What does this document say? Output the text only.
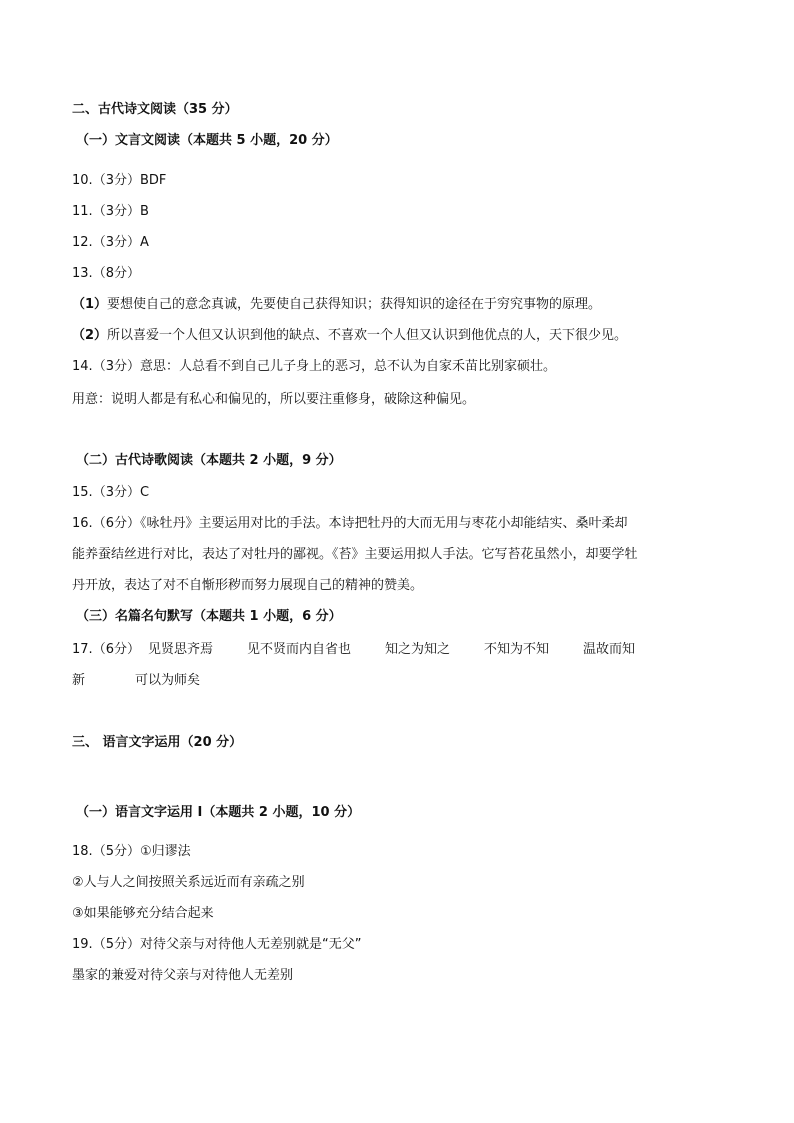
二、古代诗文阅读（35 分）
（一）文言文阅读（本题共 5 小题，20 分）
10.（3分）BDF
11.（3分）B
12.（3分）A
13.（8分）
（1）要想使自己的意念真诚，先要使自己获得知识；获得知识的途径在于穷究事物的原理。
（2）所以喜爱一个人但又认识到他的缺点、不喜欢一个人但又认识到他优点的人，天下很少见。
14.（3分）意思：人总看不到自己儿子身上的恶习，总不认为自家禾苗比别家硕壮。
用意：说明人都是有私心和偏见的，所以要注重修身，破除这种偏见。
（二）古代诗歌阅读（本题共 2 小题，9 分）
15.（3分）C
16.（6分）《咏牡丹》主要运用对比的手法。本诗把牡丹的大而无用与枣花小却能结实、桑叶柔却
能养蚕结丝进行对比，表达了对牡丹的鄙视。《苔》主要运用拟人手法。它写苔花虽然小，却要学牡
丹开放，表达了对不自惭形秽而努力展现自己的精神的赞美。
（三）名篇名句默写（本题共 1 小题，6 分）
17.（6分） 见贤思齐焉	见不贤而内自省也	知之为知之	不知为不知	温故而知
新	可以为师矣
三、 语言文字运用（20 分）
（一）语言文字运用 Ⅰ（本题共 2 小题，10 分）
18.（5分）①归谬法
②人与人之间按照关系远近而有亲疏之别
③如果能够充分结合起来
19.（5分）对待父亲与对待他人无差别就是“无父”
墨家的兼爱对待父亲与对待他人无差别
